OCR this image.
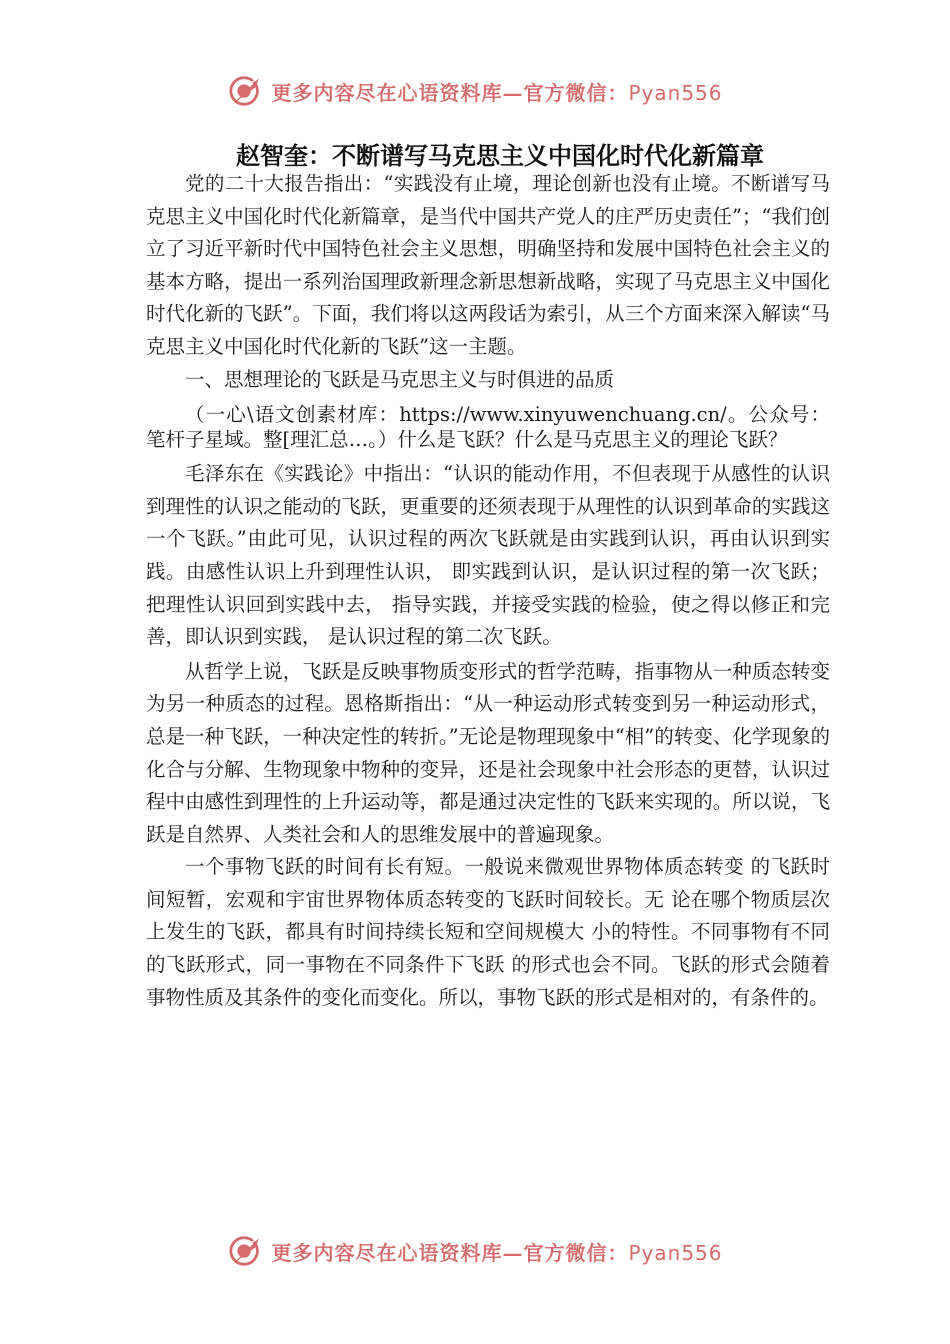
更多内容尽在心语资料库—官方微信：Pyan556
赵智奎：不断谱写马克思主义中国化时代化新篇章

党的二十大报告指出：“实践没有止境，理论创新也没有止境。不断谱写马克思主义中国化时代化新篇章，是当代中国共产党人的庄严历史责任”；“我们创立了习近平新时代中国特色社会主义思想，明确坚持和发展中国特色社会主义的基本方略，提出一系列治国理政新理念新思想新战略，实现了马克思主义中国化时代化新的飞跃”。下面，我们将以这两段话为索引，从三个方面来深入解读“马克思主义中国化时代化新的飞跃”这一主题。

一、思想理论的飞跃是马克思主义与时俱进的品质

（一心\语文创素材库：https://www.xinyuwenchuang.cn/。公众号：笔杆子星域。整[理汇总…。）什么是飞跃？什么是马克思主义的理论飞跃？

毛泽东在《实践论》中指出：“认识的能动作用，不但表现于从感性的认识到理性的认识之能动的飞跃，更重要的还须表现于从理性的认识到革命的实践这一个飞跃。”由此可见，认识过程的两次飞跃就是由实践到认识，再由认识到实践。由感性认识上升到理性认识， 即实践到认识，是认识过程的第一次飞跃；把理性认识回到实践中去， 指导实践，并接受实践的检验，使之得以修正和完善，即认识到实践， 是认识过程的第二次飞跃。

从哲学上说，飞跃是反映事物质变形式的哲学范畴，指事物从一种质态转变为另一种质态的过程。恩格斯指出：“从一种运动形式转变到另一种运动形式，总是一种飞跃，一种决定性的转折。”无论是物理现象中“相”的转变、化学现象的化合与分解、生物现象中物种的变异，还是社会现象中社会形态的更替，认识过程中由感性到理性的上升运动等，都是通过决定性的飞跃来实现的。所以说，飞跃是自然界、人类社会和人的思维发展中的普遍现象。

一个事物飞跃的时间有长有短。一般说来微观世界物体质态转变 的飞跃时间短暂，宏观和宇宙世界物体质态转变的飞跃时间较长。无 论在哪个物质层次上发生的飞跃，都具有时间持续长短和空间规模大 小的特性。不同事物有不同的飞跃形式，同一事物在不同条件下飞跃 的形式也会不同。飞跃的形式会随着事物性质及其条件的变化而变化。所以，事物飞跃的形式是相对的，有条件的。

更多内容尽在心语资料库—官方微信：Pyan556
